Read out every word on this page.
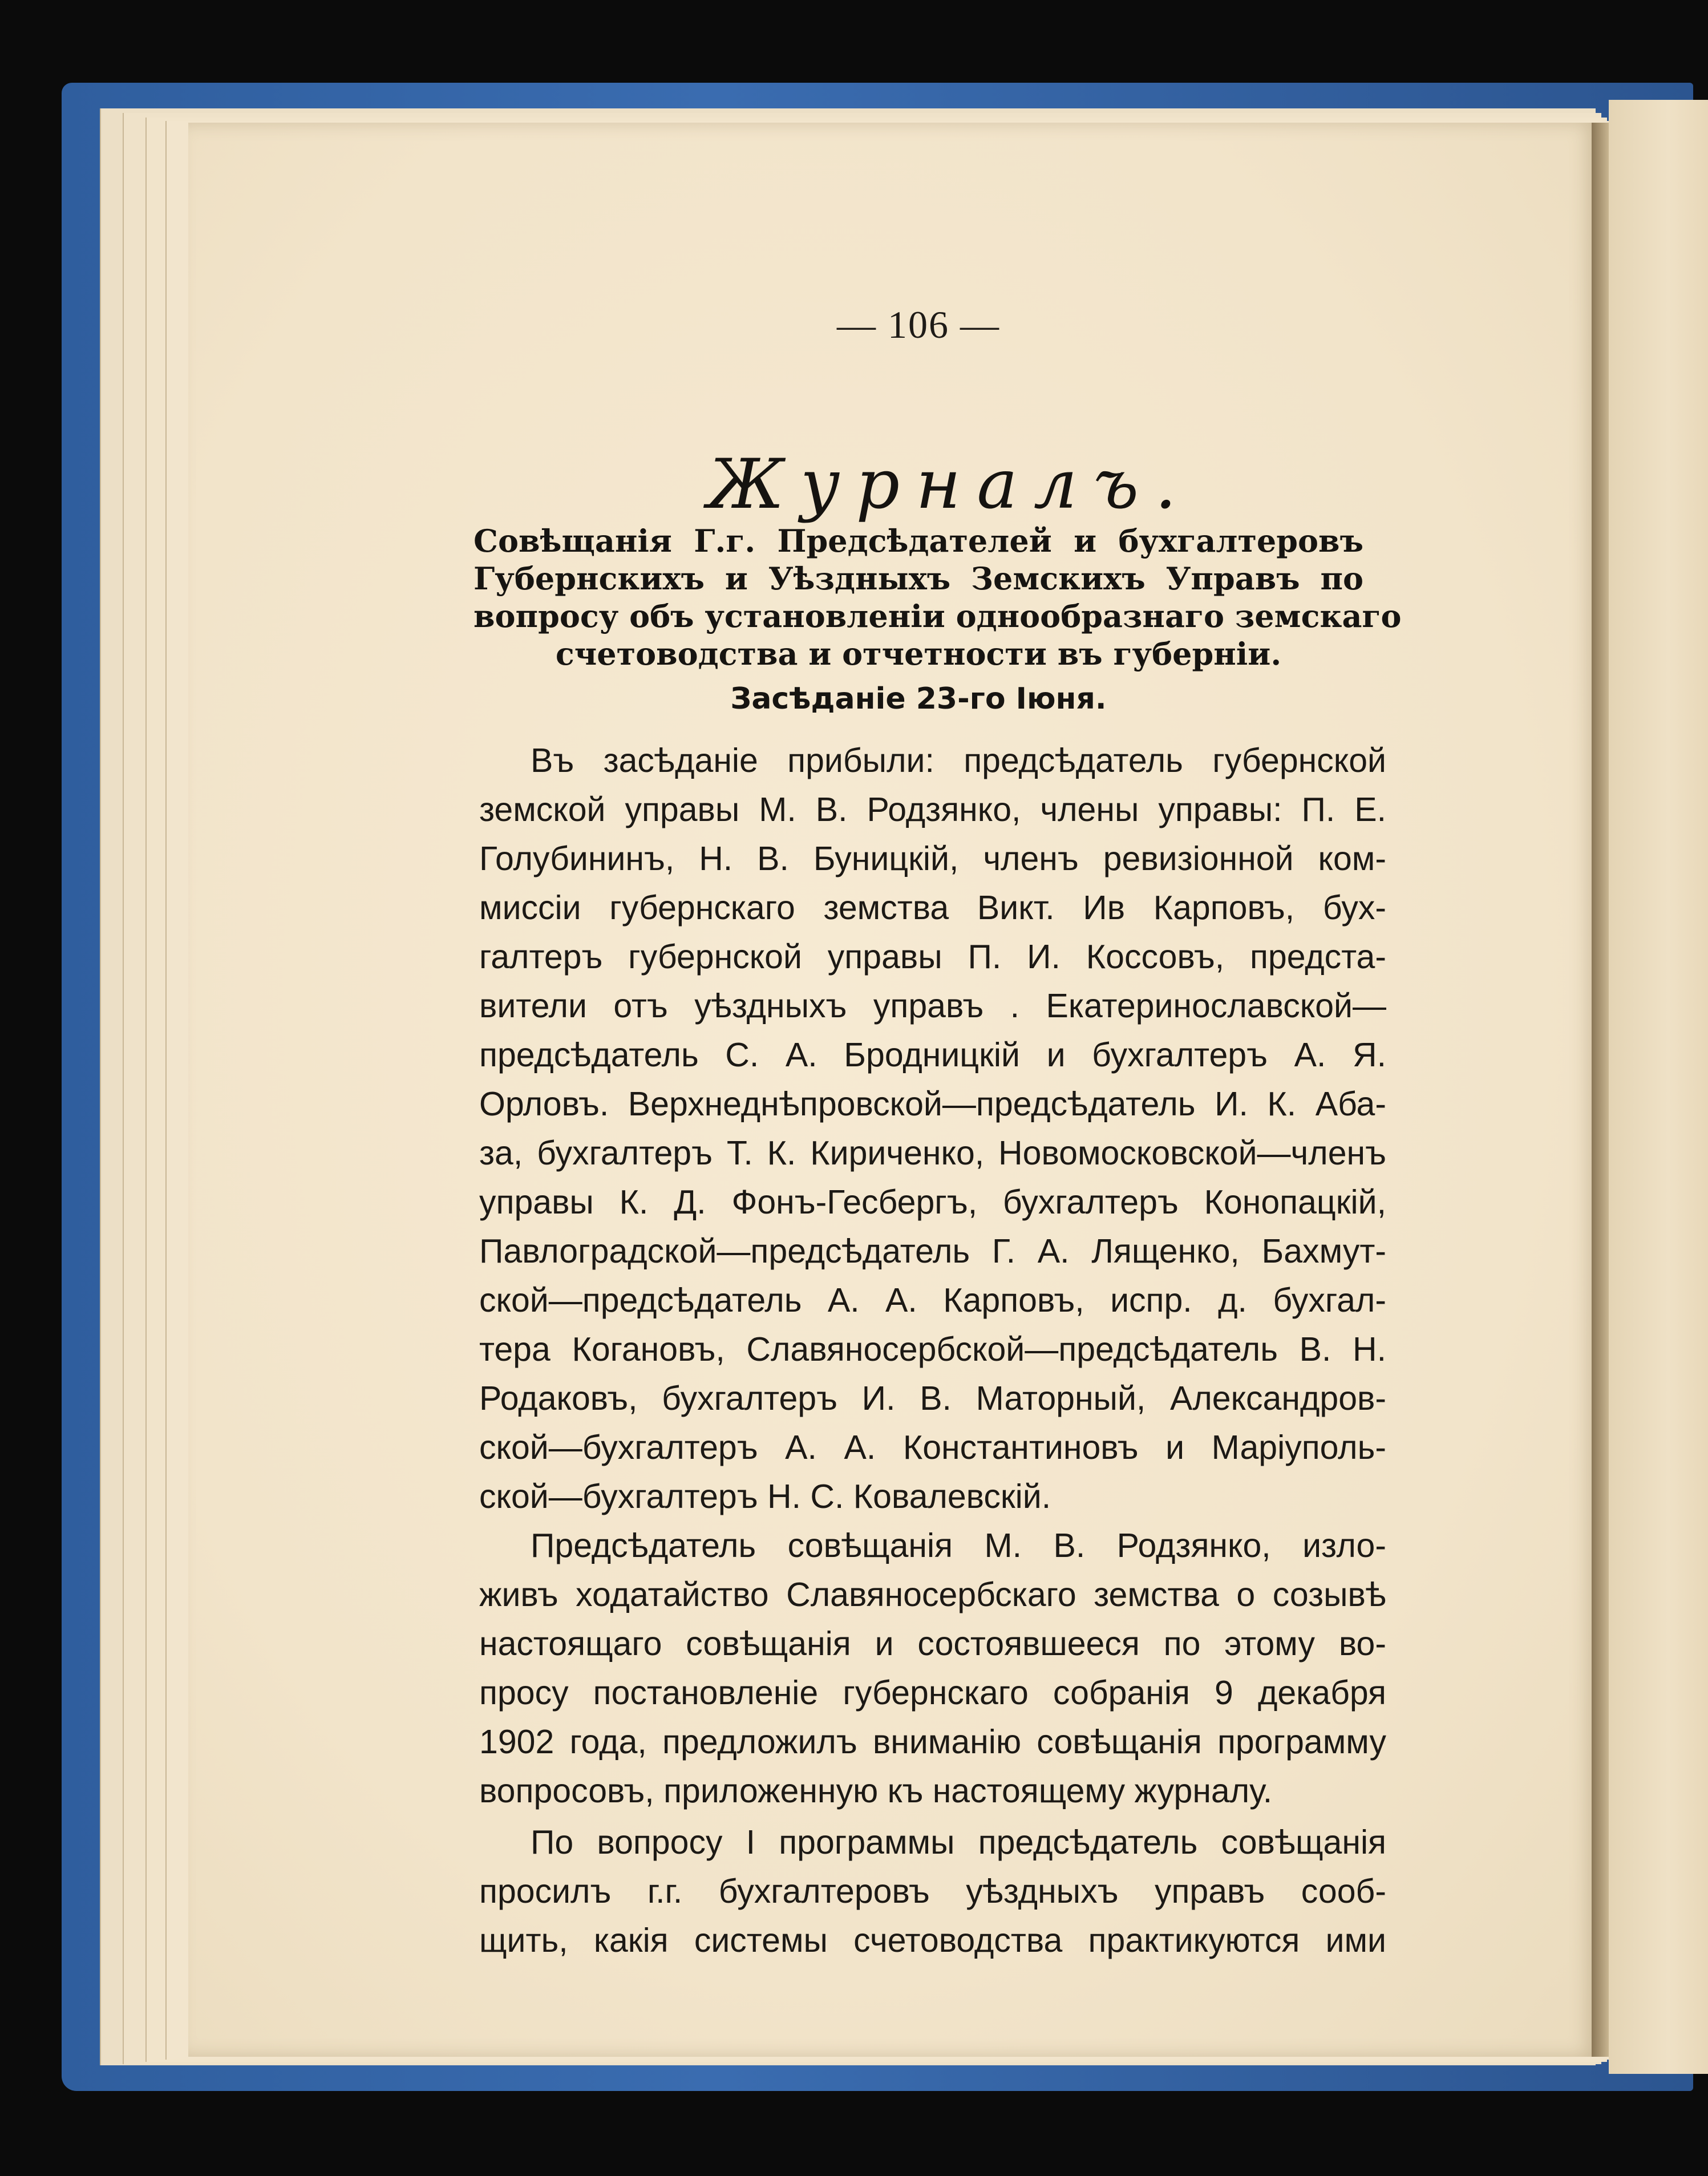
— 106 —
Журналъ.
Совѣщанія Г.г. Предсѣдателей и бухгалтеровъ
Губернскихъ и Уѣздныхъ Земскихъ Управъ по
вопросу объ установленіи однообразнаго земскаго
счетоводства и отчетности въ губерніи.
Засѣданіе 23-го Іюня.
Въ засѣданіе прибыли: предсѣдатель губернской
земской управы М. В. Родзянко, члены управы: П. Е.
Голубининъ, Н. В. Буницкій, членъ ревизіонной ком-
миссіи губернскаго земства Викт. Ив Карповъ, бух-
галтеръ губернской управы П. И. Коссовъ, предста-
вители отъ уѣздныхъ управъ . Екатеринославской—
предсѣдатель С. А. Бродницкій и бухгалтеръ А. Я.
Орловъ. Верхнеднѣпровской—предсѣдатель И. К. Аба-
за, бухгалтеръ Т. К. Кириченко, Новомосковской—членъ
управы К. Д. Фонъ-Гесбергъ, бухгалтеръ Конопацкій,
Павлоградской—предсѣдатель Г. А. Лященко, Бахмут-
ской—предсѣдатель А. А. Карповъ, испр. д. бухгал-
тера Когановъ, Славяносербской—предсѣдатель В. Н.
Родаковъ, бухгалтеръ И. В. Маторный, Александров-
ской—бухгалтеръ А. А. Константиновъ и Маріуполь-
ской—бухгалтеръ Н. С. Ковалевскій.
Предсѣдатель совѣщанія М. В. Родзянко, изло-
живъ ходатайство Славяносербскаго земства о созывѣ
настоящаго совѣщанія и состоявшееся по этому во-
просу постановленіе губернскаго собранія 9 декабря
1902 года, предложилъ вниманію совѣщанія программу
вопросовъ, приложенную къ настоящему журналу.
По вопросу I программы предсѣдатель совѣщанія
просилъ г.г. бухгалтеровъ уѣздныхъ управъ сооб-
щить, какія системы счетоводства практикуются ими
